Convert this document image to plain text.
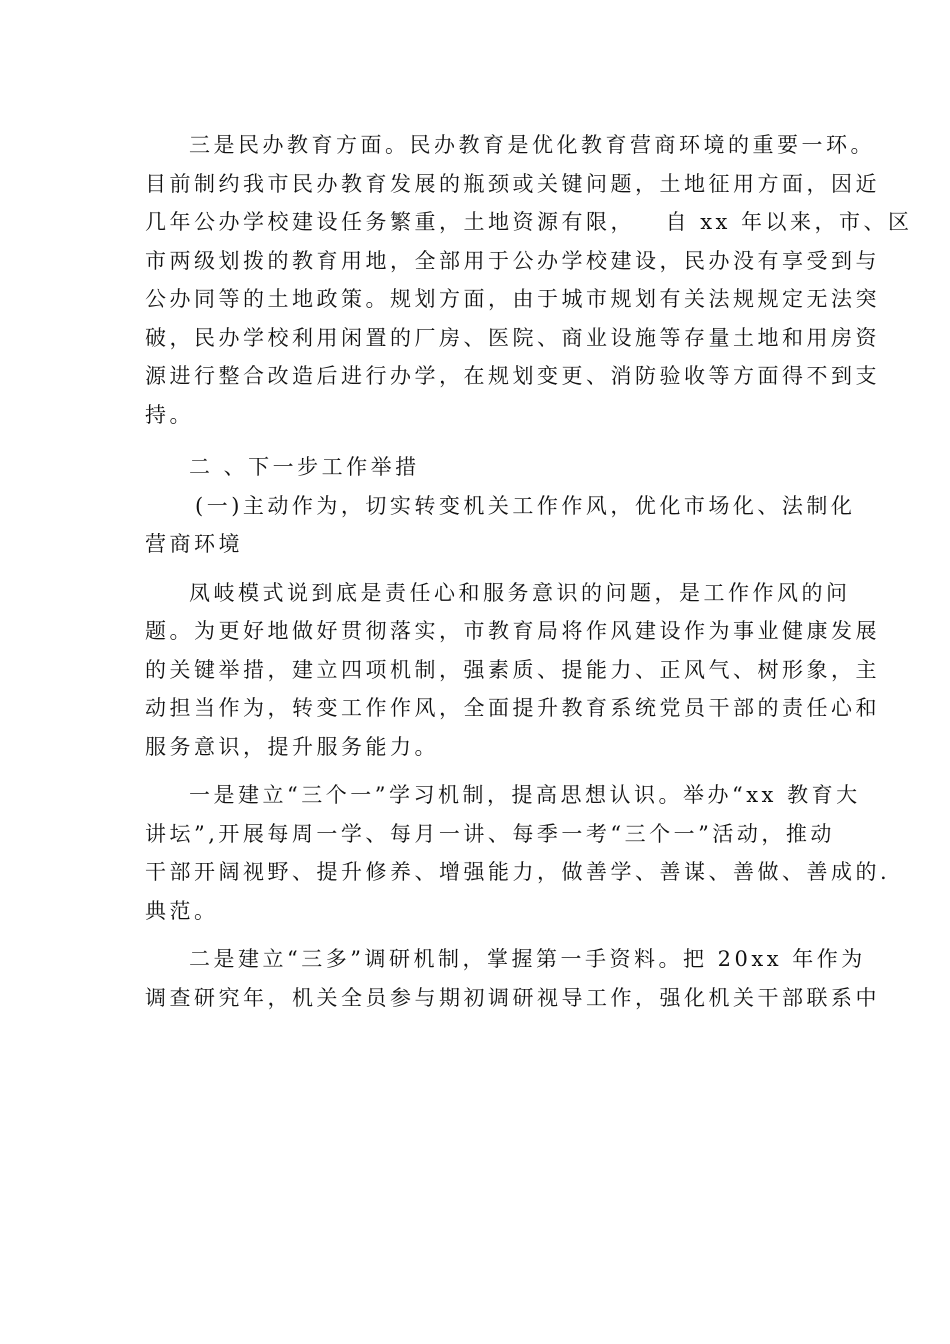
三是民办教育方面。民办教育是优化教育营商环境的重要一环。
目前制约我市民办教育发展的瓶颈或关键问题，土地征用方面，因近
几年公办学校建设任务繁重，土地资源有限，   自 xx 年以来，市、区
市两级划拨的教育用地，全部用于公办学校建设，民办没有享受到与
公办同等的土地政策。规划方面，由于城市规划有关法规规定无法突
破，民办学校利用闲置的厂房、医院、商业设施等存量土地和用房资
源进行整合改造后进行办学，在规划变更、消防验收等方面得不到支
持。
二 、下一步工作举措
(一)主动作为，切实转变机关工作作风，优化市场化、法制化
营商环境
凤岐模式说到底是责任心和服务意识的问题，是工作作风的问
题。为更好地做好贯彻落实，市教育局将作风建设作为事业健康发展
的关键举措，建立四项机制，强素质、提能力、正风气、树形象，主
动担当作为，转变工作作风，全面提升教育系统党员干部的责任心和
服务意识，提升服务能力。
一是建立“三个一”学习机制，提高思想认识。举办“xx 教育大
讲坛”,开展每周一学、每月一讲、每季一考“三个一”活动，推动
干部开阔视野、提升修养、增强能力，做善学、善谋、善做、善成的.
典范。
二是建立“三多”调研机制，掌握第一手资料。把 20xx 年作为
调查研究年，机关全员参与期初调研视导工作，强化机关干部联系中
